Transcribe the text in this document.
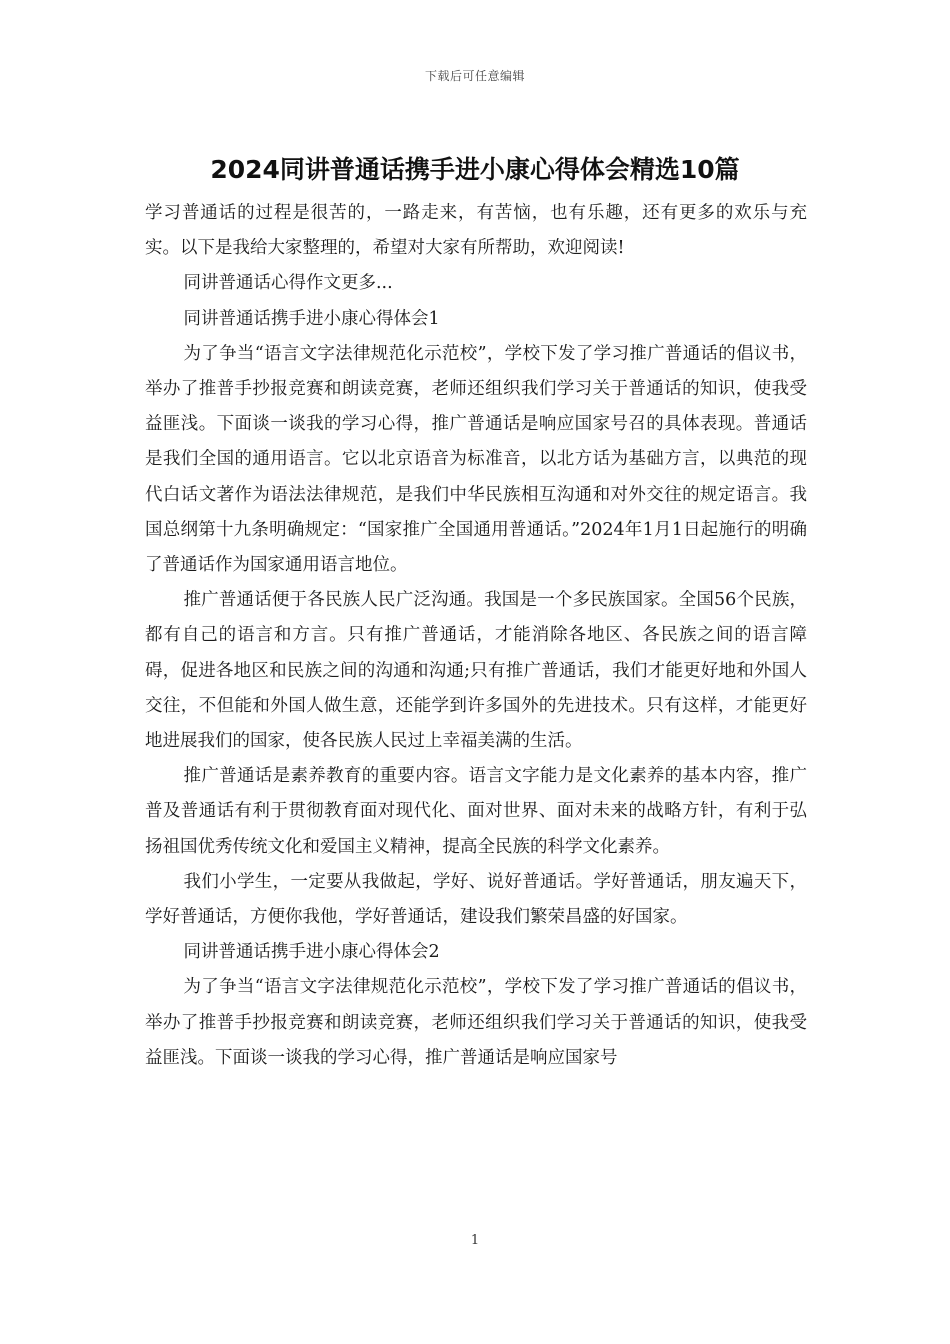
下载后可任意编辑
2024同讲普通话携手进小康心得体会精选10篇

学习普通话的过程是很苦的，一路走来，有苦恼，也有乐趣，还有更多的欢乐与充实。以下是我给大家整理的，希望对大家有所帮助，欢迎阅读!

同讲普通话心得作文更多...

同讲普通话携手进小康心得体会1

为了争当“语言文字法律规范化示范校”，学校下发了学习推广普通话的倡议书，举办了推普手抄报竞赛和朗读竞赛，老师还组织我们学习关于普通话的知识，使我受益匪浅。下面谈一谈我的学习心得，推广普通话是响应国家号召的具体表现。普通话是我们全国的通用语言。它以北京语音为标准音，以北方话为基础方言，以典范的现代白话文著作为语法法律规范，是我们中华民族相互沟通和对外交往的规定语言。我国总纲第十九条明确规定：“国家推广全国通用普通话。”2024年1月1日起施行的明确了普通话作为国家通用语言地位。

推广普通话便于各民族人民广泛沟通。我国是一个多民族国家。全国56个民族，都有自己的语言和方言。只有推广普通话，才能消除各地区、各民族之间的语言障碍，促进各地区和民族之间的沟通和沟通;只有推广普通话，我们才能更好地和外国人交往，不但能和外国人做生意，还能学到许多国外的先进技术。只有这样，才能更好地进展我们的国家，使各民族人民过上幸福美满的生活。

推广普通话是素养教育的重要内容。语言文字能力是文化素养的基本内容，推广普及普通话有利于贯彻教育面对现代化、面对世界、面对未来的战略方针，有利于弘扬祖国优秀传统文化和爱国主义精神，提高全民族的科学文化素养。

我们小学生，一定要从我做起，学好、说好普通话。学好普通话，朋友遍天下，学好普通话，方便你我他，学好普通话，建设我们繁荣昌盛的好国家。

同讲普通话携手进小康心得体会2

为了争当“语言文字法律规范化示范校”，学校下发了学习推广普通话的倡议书，举办了推普手抄报竞赛和朗读竞赛，老师还组织我们学习关于普通话的知识，使我受益匪浅。下面谈一谈我的学习心得，推广普通话是响应国家号

1
